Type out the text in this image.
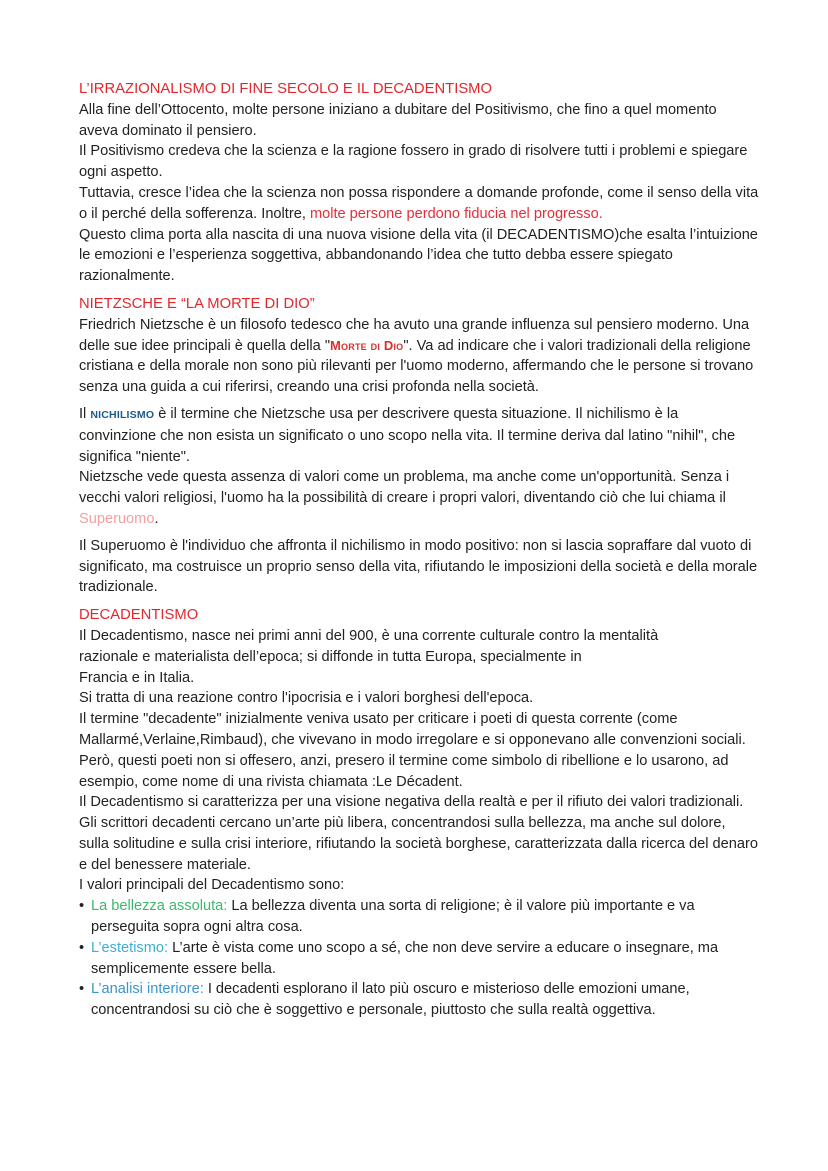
L’IRRAZIONALISMO DI FINE SECOLO E IL DECADENTISMO

Alla fine dell’Ottocento, molte persone iniziano a dubitare del Positivismo, che fino a quel momento aveva dominato il pensiero.

Il Positivismo credeva che la scienza e la ragione fossero in grado di risolvere tutti i problemi e spiegare ogni aspetto.

Tuttavia, cresce l’idea che la scienza non possa rispondere a domande profonde, come il senso della vita o il perché della sofferenza. Inoltre, molte persone perdono fiducia nel progresso.

Questo clima porta alla nascita di una nuova visione della vita (il DECADENTISMO)che esalta l’intuizione le emozioni e l’esperienza soggettiva, abbandonando l’idea che tutto debba essere spiegato razionalmente.

NIETZSCHE E “LA MORTE DI DIO”

Friedrich Nietzsche è un filosofo tedesco che ha avuto una grande influenza sul pensiero moderno. Una delle sue idee principali è quella della "Morte di Dio". Va ad indicare che i valori tradizionali della religione cristiana e della morale non sono più rilevanti per l'uomo moderno, affermando che le persone si trovano senza una guida a cui riferirsi, creando una crisi profonda nella società.

Il NICHILISMO è il termine che Nietzsche usa per descrivere questa situazione. Il nichilismo è la convinzione che non esista un significato o uno scopo nella vita. Il termine deriva dal latino "nihil", che significa "niente".

Nietzsche vede questa assenza di valori come un problema, ma anche come un'opportunità. Senza i vecchi valori religiosi, l'uomo ha la possibilità di creare i propri valori, diventando ciò che lui chiama il Superuomo.

Il Superuomo è l'individuo che affronta il nichilismo in modo positivo: non si lascia sopraffare dal vuoto di significato, ma costruisce un proprio senso della vita, rifiutando le imposizioni della società e della morale tradizionale.

DECADENTISMO

Il Decadentismo, nasce nei primi anni del 900, è una corrente culturale contro la mentalità razionale e materialista dell’epoca; si diffonde in tutta Europa, specialmente in

Francia e in Italia.

Si tratta di una reazione contro l'ipocrisia e i valori borghesi dell'epoca.

Il termine "decadente" inizialmente veniva usato per criticare i poeti di questa corrente (come Mallarmé,Verlaine,Rimbaud), che vivevano in modo irregolare e si opponevano alle convenzioni sociali.

Però, questi poeti non si offesero, anzi, presero il termine come simbolo di ribellione e lo usarono, ad esempio, come nome di una rivista chiamata :Le Décadent.

Il Decadentismo si caratterizza per una visione negativa della realtà e per il rifiuto dei valori tradizionali.

Gli scrittori decadenti cercano un’arte più libera, concentrandosi sulla bellezza, ma anche sul dolore, sulla solitudine e sulla crisi interiore, rifiutando la società borghese, caratterizzata dalla ricerca del denaro e del benessere materiale.

I valori principali del Decadentismo sono:

• La bellezza assoluta: La bellezza diventa una sorta di religione; è il valore più importante e va perseguita sopra ogni altra cosa.
• L’estetismo: L’arte è vista come uno scopo a sé, che non deve servire a educare o insegnare, ma semplicemente essere bella.
• L’analisi interiore: I decadenti esplorano il lato più oscuro e misterioso delle emozioni umane, concentrandosi su ciò che è soggettivo e personale, piuttosto che sulla realtà oggettiva.
